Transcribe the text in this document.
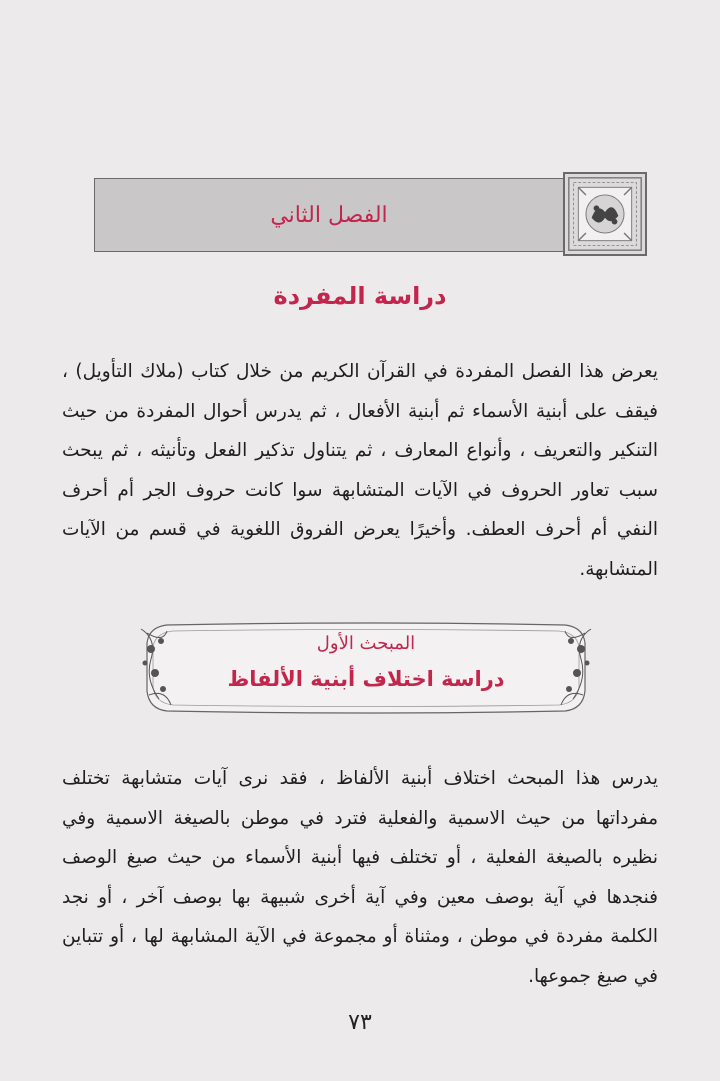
الفصل الثاني
دراسة المفردة

يعرض هذا الفصل المفردة في القرآن الكريم من خلال كتاب (ملاك التأويل) ، فيقف على أبنية الأسماء ثم أبنية الأفعال ، ثم يدرس أحوال المفردة من حيث التنكير والتعريف ، وأنواع المعارف ، ثم يتناول تذكير الفعل وتأنيثه ، ثم يبحث سبب تعاور الحروف في الآيات المتشابهة سوا كانت حروف الجر أم أحرف النفي أم أحرف العطف. وأخيرًا يعرض الفروق اللغوية في قسم من الآيات المتشابهة.

المبحث الأول
دراسة اختلاف أبنية الألفاظ

يدرس هذا المبحث اختلاف أبنية الألفاظ ، فقد نرى آيات متشابهة تختلف مفرداتها من حيث الاسمية والفعلية فترد في موطن بالصيغة الاسمية وفي نظيره بالصيغة الفعلية ، أو تختلف فيها أبنية الأسماء من حيث صيغ الوصف فنجدها في آية بوصف معين وفي آية أخرى شبيهة بها بوصف آخر ، أو نجد الكلمة مفردة في موطن ، ومثناة أو مجموعة في الآية المشابهة لها ، أو تتباين في صيغ جموعها.

٧٣
